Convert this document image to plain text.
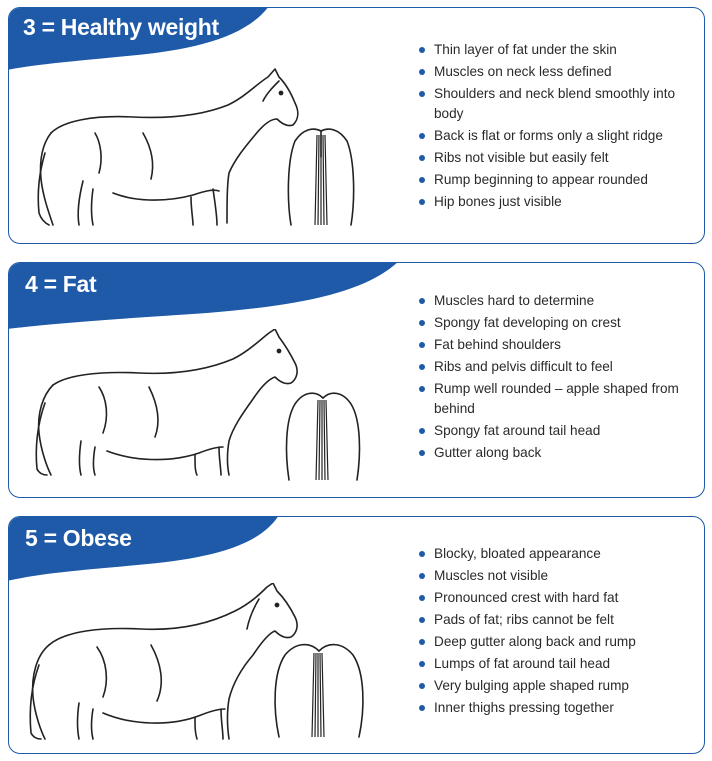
3 = Healthy weight
Thin layer of fat under the skin
Muscles on neck less defined
Shoulders and neck blend smoothly into body
Back is flat or forms only a slight ridge
Ribs not visible but easily felt
Rump beginning to appear rounded
Hip bones just visible
4 = Fat
Muscles hard to determine
Spongy fat developing on crest
Fat behind shoulders
Ribs and pelvis difficult to feel
Rump well rounded – apple shaped from behind
Spongy fat around tail head
Gutter along back
5 = Obese
Blocky, bloated appearance
Muscles not visible
Pronounced crest with hard fat
Pads of fat; ribs cannot be felt
Deep gutter along back and rump
Lumps of fat around tail head
Very bulging apple shaped rump
Inner thighs pressing together
